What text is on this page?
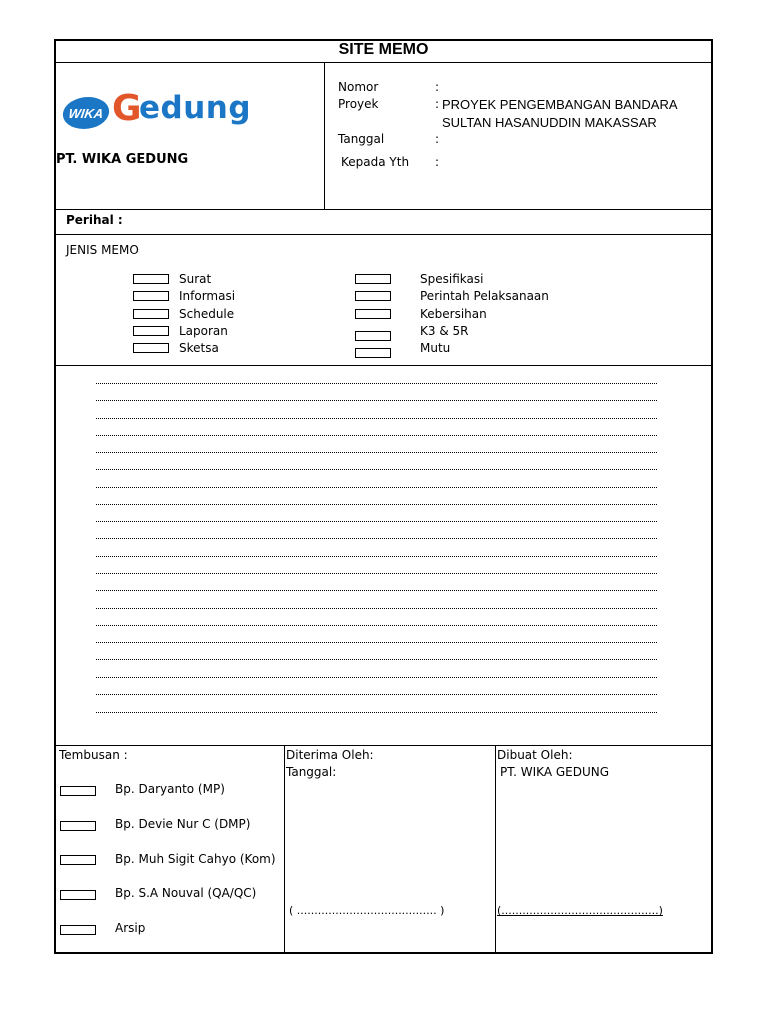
SITE MEMO
WIKA G
edung
PT. WIKA GEDUNG
Nomor	:
Proyek	: PROYEK PENGEMBANGAN BANDARA
SULTAN HASANUDDIN MAKASSAR
Tanggal	:
Kepada Yth :
Perihal :
JENIS MEMO
Surat
Informasi
Schedule
Laporan
Sketsa
Spesifikasi
Perintah Pelaksanaan
Kebersihan
K3 & 5R
Mutu
Tembusan :
Bp. Daryanto (MP)
Bp. Devie Nur C (DMP)
Bp. Muh Sigit Cahyo (Kom)
Bp. S.A Nouval (QA/QC)
Arsip
Diterima Oleh:
Tanggal:
( ........................................ )
Dibuat Oleh:
PT. WIKA GEDUNG
(.............................................)
